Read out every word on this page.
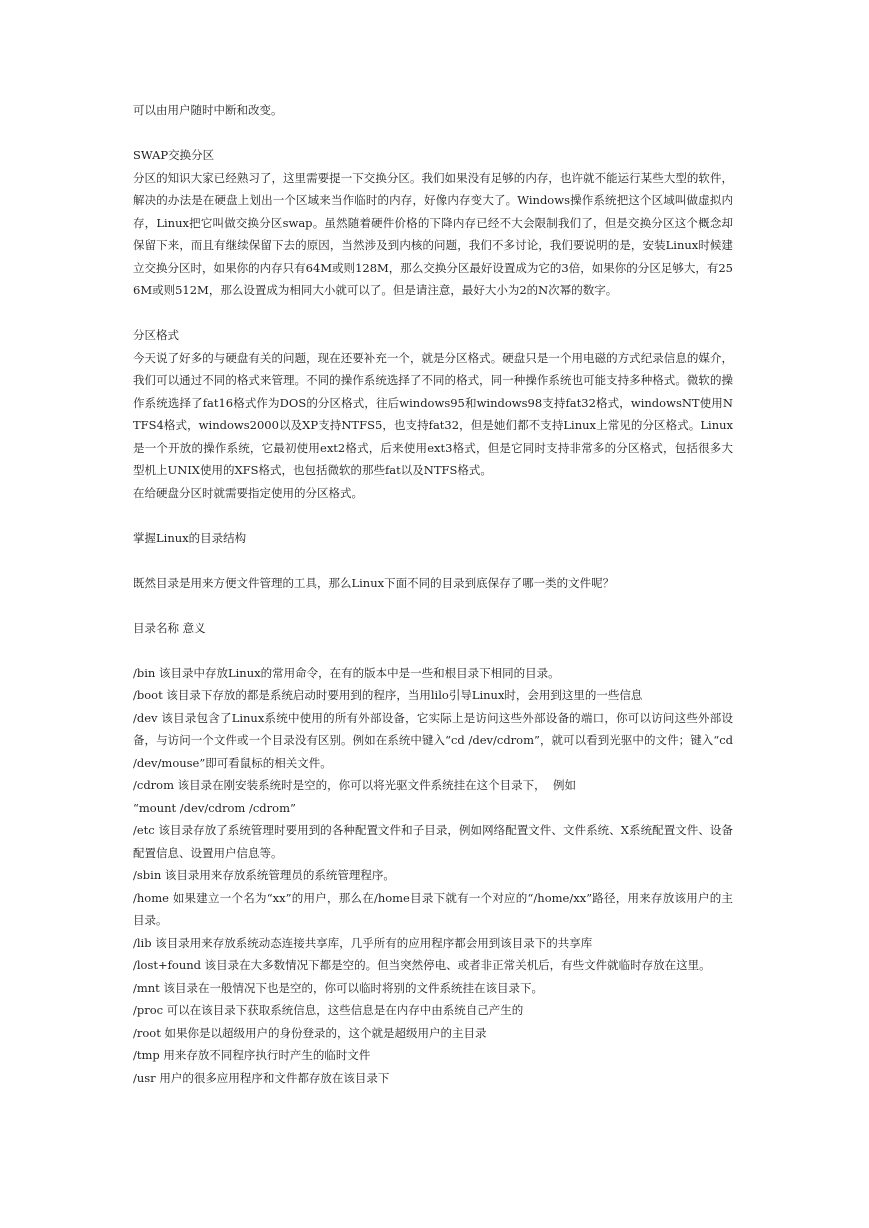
可以由用户随时中断和改变。

SWAP交换分区

分区的知识大家已经熟习了，这里需要提一下交换分区。我们如果没有足够的内存，也许就不能运行某些大型的软件，解决的办法是在硬盘上划出一个区域来当作临时的内存，好像内存变大了。Windows操作系统把这个区域叫做虚拟内存，Linux把它叫做交换分区swap。虽然随着硬件价格的下降内存已经不大会限制我们了，但是交换分区这个概念却保留下来，而且有继续保留下去的原因，当然涉及到内核的问题，我们不多讨论，我们要说明的是，安装Linux时候建立交换分区时，如果你的内存只有64M或则128M，那么交换分区最好设置成为它的3倍，如果你的分区足够大，有256M或则512M，那么设置成为相同大小就可以了。但是请注意，最好大小为2的N次幂的数字。

分区格式

今天说了好多的与硬盘有关的问题，现在还要补充一个，就是分区格式。硬盘只是一个用电磁的方式纪录信息的媒介，我们可以通过不同的格式来管理。不同的操作系统选择了不同的格式，同一种操作系统也可能支持多种格式。微软的操作系统选择了fat16格式作为DOS的分区格式，往后windows95和windows98支持fat32格式，windowsNT使用NTFS4格式，windows2000以及XP支持NTFS5，也支持fat32，但是她们都不支持Linux上常见的分区格式。Linux是一个开放的操作系统，它最初使用ext2格式，后来使用ext3格式，但是它同时支持非常多的分区格式，包括很多大型机上UNIX使用的XFS格式，也包括微软的那些fat以及NTFS格式。

在给硬盘分区时就需要指定使用的分区格式。

掌握Linux的目录结构

既然目录是用来方便文件管理的工具，那么Linux下面不同的目录到底保存了哪一类的文件呢？

目录名称 意义

/bin 该目录中存放Linux的常用命令，在有的版本中是一些和根目录下相同的目录。

/boot 该目录下存放的都是系统启动时要用到的程序，当用lilo引导Linux时，会用到这里的一些信息

/dev 该目录包含了Linux系统中使用的所有外部设备，它实际上是访问这些外部设备的端口，你可以访问这些外部设备，与访问一个文件或一个目录没有区别。例如在系统中键入“cd /dev/cdrom”，就可以看到光驱中的文件；键入“cd /dev/mouse”即可看鼠标的相关文件。

/cdrom 该目录在刚安装系统时是空的，你可以将光驱文件系统挂在这个目录下，  例如

“mount /dev/cdrom /cdrom”

/etc 该目录存放了系统管理时要用到的各种配置文件和子目录，例如网络配置文件、文件系统、X系统配置文件、设备配置信息、设置用户信息等。

/sbin 该目录用来存放系统管理员的系统管理程序。

/home 如果建立一个名为“xx”的用户，那么在/home目录下就有一个对应的“/home/xx”路径，用来存放该用户的主目录。

/lib 该目录用来存放系统动态连接共享库，几乎所有的应用程序都会用到该目录下的共享库

/lost+found 该目录在大多数情况下都是空的。但当突然停电、或者非正常关机后，有些文件就临时存放在这里。

/mnt 该目录在一般情况下也是空的，你可以临时将别的文件系统挂在该目录下。

/proc 可以在该目录下获取系统信息，这些信息是在内存中由系统自己产生的

/root 如果你是以超级用户的身份登录的，这个就是超级用户的主目录

/tmp 用来存放不同程序执行时产生的临时文件

/usr 用户的很多应用程序和文件都存放在该目录下
